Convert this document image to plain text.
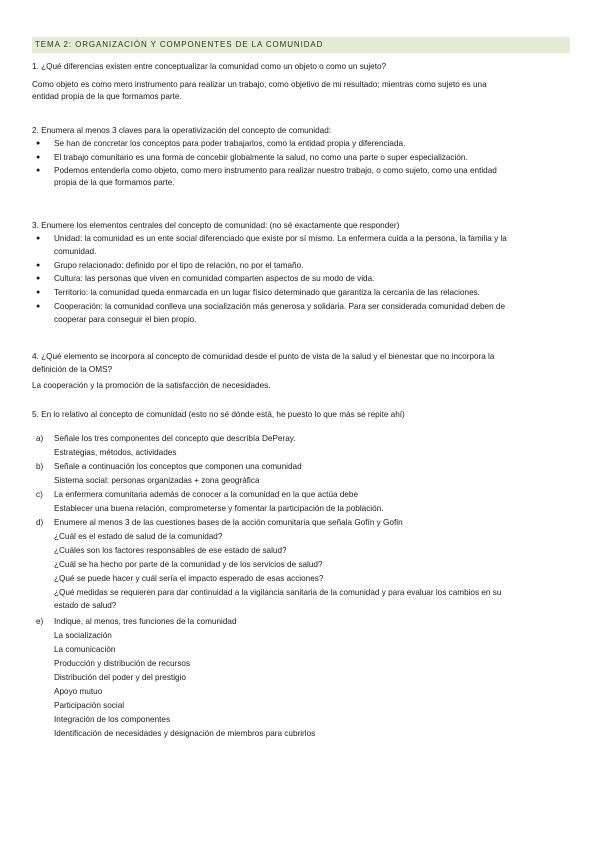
TEMA 2: ORGANIZACIÓN Y COMPONENTES DE LA COMUNIDAD
1. ¿Qué diferencias existen entre conceptualizar la comunidad como un objeto o como un sujeto?
Como objeto es como mero instrumento para realizar un trabajo, como objetivo de mi resultado; mientras como sujeto es una
entidad propia de la que formamos parte.
2. Enumera al menos 3 claves para la operativización del concepto de comunidad:
● Se han de concretar los conceptos para poder trabajarlos, como la entidad propia y diferenciada.
● El trabajo comunitario es una forma de concebir globalmente la salud, no como una parte o super especialización.
● Podemos entenderla como objeto, como mero instrumento para realizar nuestro trabajo, o como sujeto, como una entidad
propia de la que formamos parte.
3. Enumere los elementos centrales del concepto de comunidad: (no sé exactamente que responder)
● Unidad: la comunidad es un ente social diferenciado que existe por sí mismo. La enfermera cuida a la persona, la familia y la
comunidad.
● Grupo relacionado: definido por el tipo de relación, no por el tamaño.
● Cultura: las personas que viven en comunidad comparten aspectos de su modo de vida.
● Territorio: la comunidad queda enmarcada en un lugar físico determinado que garantiza la cercanía de las relaciones.
● Cooperación: la comunidad conlleva una socialización más generosa y solidaria. Para ser considerada comunidad deben de
cooperar para conseguir el bien propio.
4. ¿Qué elemento se incorpora al concepto de comunidad desde el punto de vista de la salud y el bienestar que no incorpora la
definición de la OMS?
La cooperación y la promoción de la satisfacción de necesidades.
5. En lo relativo al concepto de comunidad (esto no sé dónde está, he puesto lo que más se repite ahí)
a) Señale los tres componentes del concepto que describía DePeray.
Estrategias, métodos, actividades
b) Señale a continuación los conceptos que componen una comunidad
Sistema social: personas organizadas + zona geográfica
c) La enfermera comunitaria además de conocer a la comunidad en la que actúa debe
Establecer una buena relación, comprometerse y fomentar la participación de la población.
d) Enumere al menos 3 de las cuestiones bases de la acción comunitaria que señala Gofín y Gofin
¿Cuál es el estado de salud de la comunidad?
¿Cuáles son los factores responsables de ese estado de salud?
¿Cuál se ha hecho por parte de la comunidad y de los servicios de salud?
¿Qué se puede hacer y cuál sería el impacto esperado de esas acciones?
¿Qué medidas se requieren para dar continuidad a la vigilancia sanitaria de la comunidad y para evaluar los cambios en su
estado de salud?
e) Indique, al menos, tres funciones de la comunidad
La socialización
La comunicación
Producción y distribución de recursos
Distribución del poder y del prestigio
Apoyo mutuo
Participación social
Integración de los componentes
Identificación de necesidades y designación de miembros para cubrirlos
